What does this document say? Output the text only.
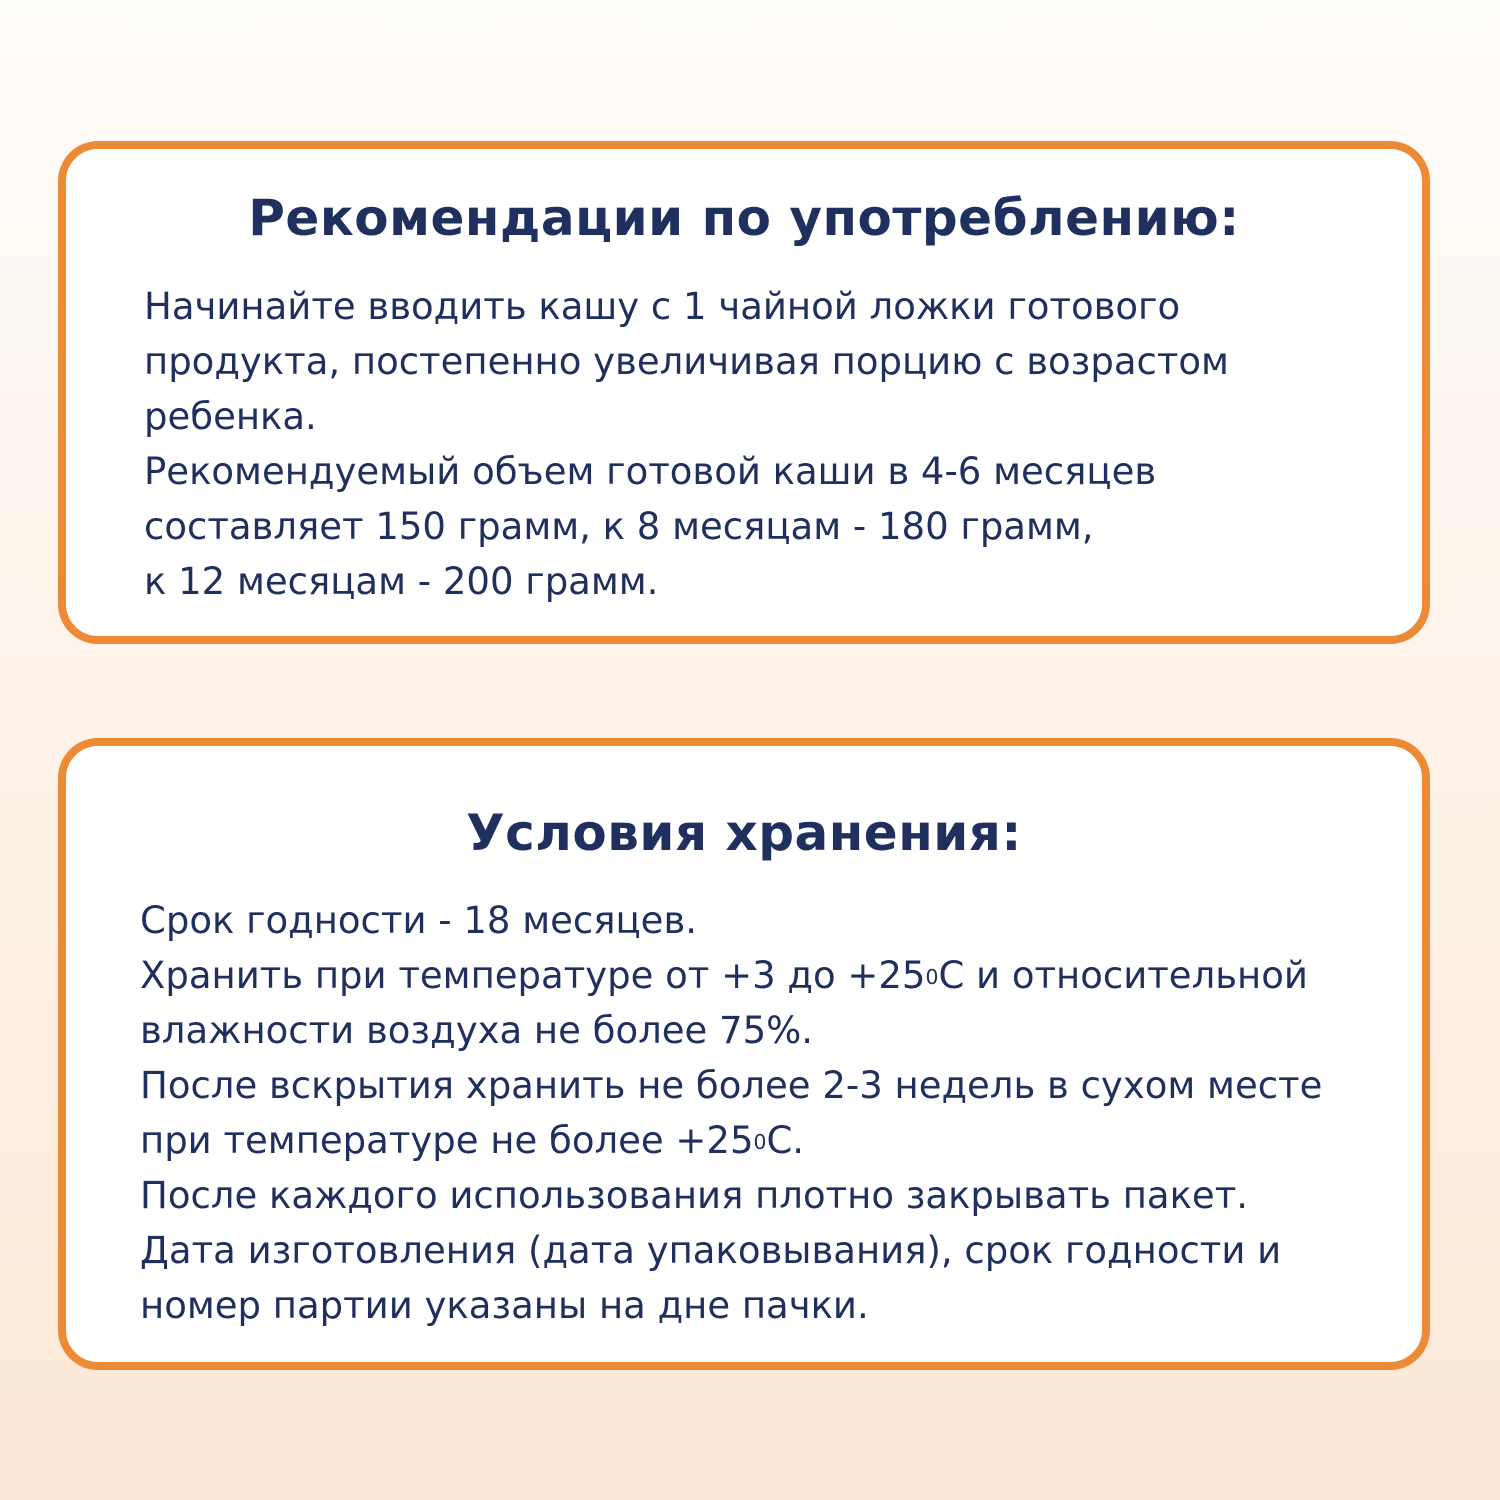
Рекомендации по употреблению:
Начинайте вводить кашу с 1 чайной ложки готового
продукта, постепенно увеличивая порцию с возрастом
ребенка.
Рекомендуемый объем готовой каши в 4-6 месяцев
составляет 150 грамм, к 8 месяцам - 180 грамм,
к 12 месяцам - 200 грамм.
Условия хранения:
Срок годности - 18 месяцев.
Хранить при температуре от +3 до $+25^0С$ и относительной
влажности воздуха не более 75%.
После вскрытия хранить не более 2-3 недель в сухом месте
при температуре не более $+25^0С$.
После каждого использования плотно закрывать пакет.
Дата изготовления (дата упаковывания), срок годности и
номер партии указаны на дне пачки.
